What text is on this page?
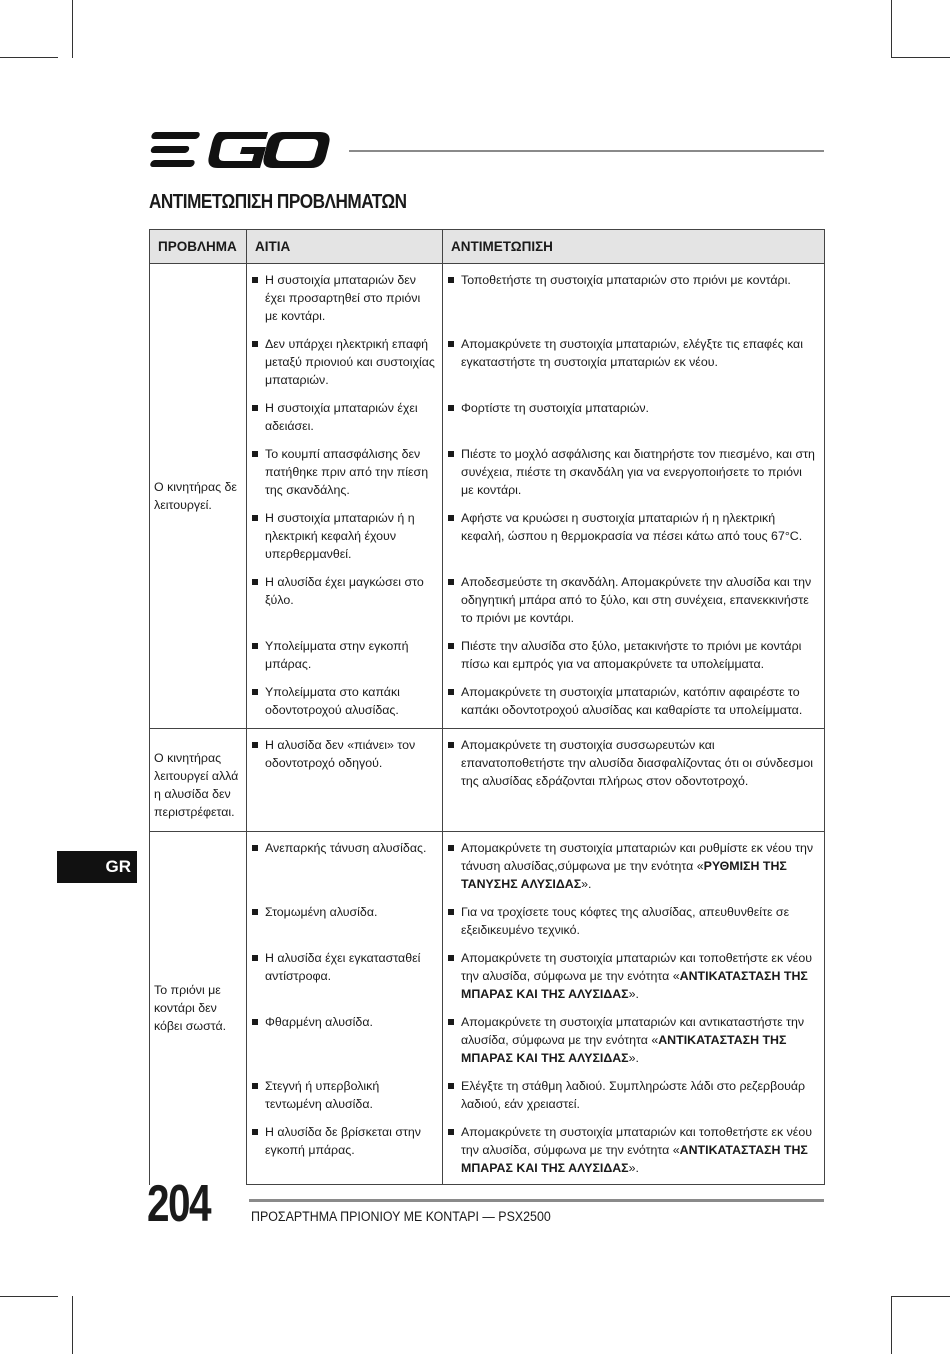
ΑΝΤΙΜΕΤΩΠΙΣΗ ΠΡΟΒΛΗΜΑΤΩΝ
ΠΡΟΒΛΗΜΑ	ΑΙΤΙΑ	ΑΝΤΙΜΕΤΩΠΙΣΗ
Ο κινητήρας δε λειτουργεί.	Η συστοιχία μπαταριών δεν έχει προσαρτηθεί στο πριόνι με κοντάρι.	Τοποθετήστε τη συστοιχία μπαταριών στο πριόνι με κοντάρι.

	Δεν υπάρχει ηλεκτρική επαφή μεταξύ πριονιού και συστοιχίας μπαταριών.	Απομακρύνετε τη συστοιχία μπαταριών, ελέγξτε τις επαφές και εγκαταστήστε τη συστοιχία μπαταριών εκ νέου.

	Η συστοιχία μπαταριών έχει αδειάσει.	Φορτίστε τη συστοιχία μπαταριών.

	Το κουμπί απασφάλισης δεν πατήθηκε πριν από την πίεση της σκανδάλης.	Πιέστε το μοχλό ασφάλισης και διατηρήστε τον πιεσμένο, και στη συνέχεια, πιέστε τη σκανδάλη για να ενεργοποιήσετε το πριόνι με κοντάρι.

	Η συστοιχία μπαταριών ή η ηλεκτρική κεφαλή έχουν υπερθερμανθεί.	Αφήστε να κρυώσει η συστοιχία μπαταριών ή η ηλεκτρική κεφαλή, ώσπου η θερμοκρασία να πέσει κάτω από τους 67°C.

	Η αλυσίδα έχει μαγκώσει στο ξύλο.	Αποδεσμεύστε τη σκανδάλη. Απομακρύνετε την αλυσίδα και την οδηγητική μπάρα από το ξύλο, και στη συνέχεια, επανεκκινήστε το πριόνι με κοντάρι.

	Υπολείμματα στην εγκοπή μπάρας.	Πιέστε την αλυσίδα στο ξύλο, μετακινήστε το πριόνι με κοντάρι πίσω και εμπρός για να απομακρύνετε τα υπολείμματα.

	Υπολείμματα στο καπάκι οδοντοτροχού αλυσίδας.	Απομακρύνετε τη συστοιχία μπαταριών, κατόπιν αφαιρέστε το καπάκι οδοντοτροχού αλυσίδας και καθαρίστε τα υπολείμματα.

Ο κινητήρας λειτουργεί αλλά η αλυσίδα δεν περιστρέφεται.	Η αλυσίδα δεν «πιάνει» τον οδοντοτροχό οδηγού.	Απομακρύνετε τη συστοιχία συσσωρευτών και επανατοποθετήστε την αλυσίδα διασφαλίζοντας ότι οι σύνδεσμοι της αλυσίδας εδράζονται πλήρως στον οδοντοτροχό.

Το πριόνι με κοντάρι δεν κόβει σωστά.	Ανεπαρκής τάνυση αλυσίδας.	Απομακρύνετε τη συστοιχία μπαταριών και ρυθμίστε εκ νέου την τάνυση αλυσίδας,σύμφωνα με την ενότητα «ΡΥΘΜΙΣΗ ΤΗΣ ΤΑΝΥΣΗΣ ΑΛΥΣΙΔΑΣ».

	Στομωμένη αλυσίδα.	Για να τροχίσετε τους κόφτες της αλυσίδας, απευθυνθείτε σε εξειδικευμένο τεχνικό.

	Η αλυσίδα έχει εγκατασταθεί αντίστροφα.	Απομακρύνετε τη συστοιχία μπαταριών και τοποθετήστε εκ νέου την αλυσίδα, σύμφωνα με την ενότητα «ΑΝΤΙΚΑΤΑΣΤΑΣΗ ΤΗΣ ΜΠΑΡΑΣ ΚΑΙ ΤΗΣ ΑΛΥΣΙΔΑΣ».

	Φθαρμένη αλυσίδα.	Απομακρύνετε τη συστοιχία μπαταριών και αντικαταστήστε την αλυσίδα, σύμφωνα με την ενότητα «ΑΝΤΙΚΑΤΑΣΤΑΣΗ ΤΗΣ ΜΠΑΡΑΣ ΚΑΙ ΤΗΣ ΑΛΥΣΙΔΑΣ».

	Στεγνή ή υπερβολική τεντωμένη αλυσίδα.	Ελέγξτε τη στάθμη λαδιού. Συμπληρώστε λάδι στο ρεζερβουάρ λαδιού, εάν χρειαστεί.

	Η αλυσίδα δε βρίσκεται στην εγκοπή μπάρας.	Απομακρύνετε τη συστοιχία μπαταριών και τοποθετήστε εκ νέου την αλυσίδα, σύμφωνα με την ενότητα «ΑΝΤΙΚΑΤΑΣΤΑΣΗ ΤΗΣ ΜΠΑΡΑΣ ΚΑΙ ΤΗΣ ΑΛΥΣΙΔΑΣ».
GR
204	ΠΡΟΣΑΡΤΗΜΑ ΠΡΙΟΝΙΟΥ ΜΕ ΚΟΝΤΑΡΙ — PSX2500
